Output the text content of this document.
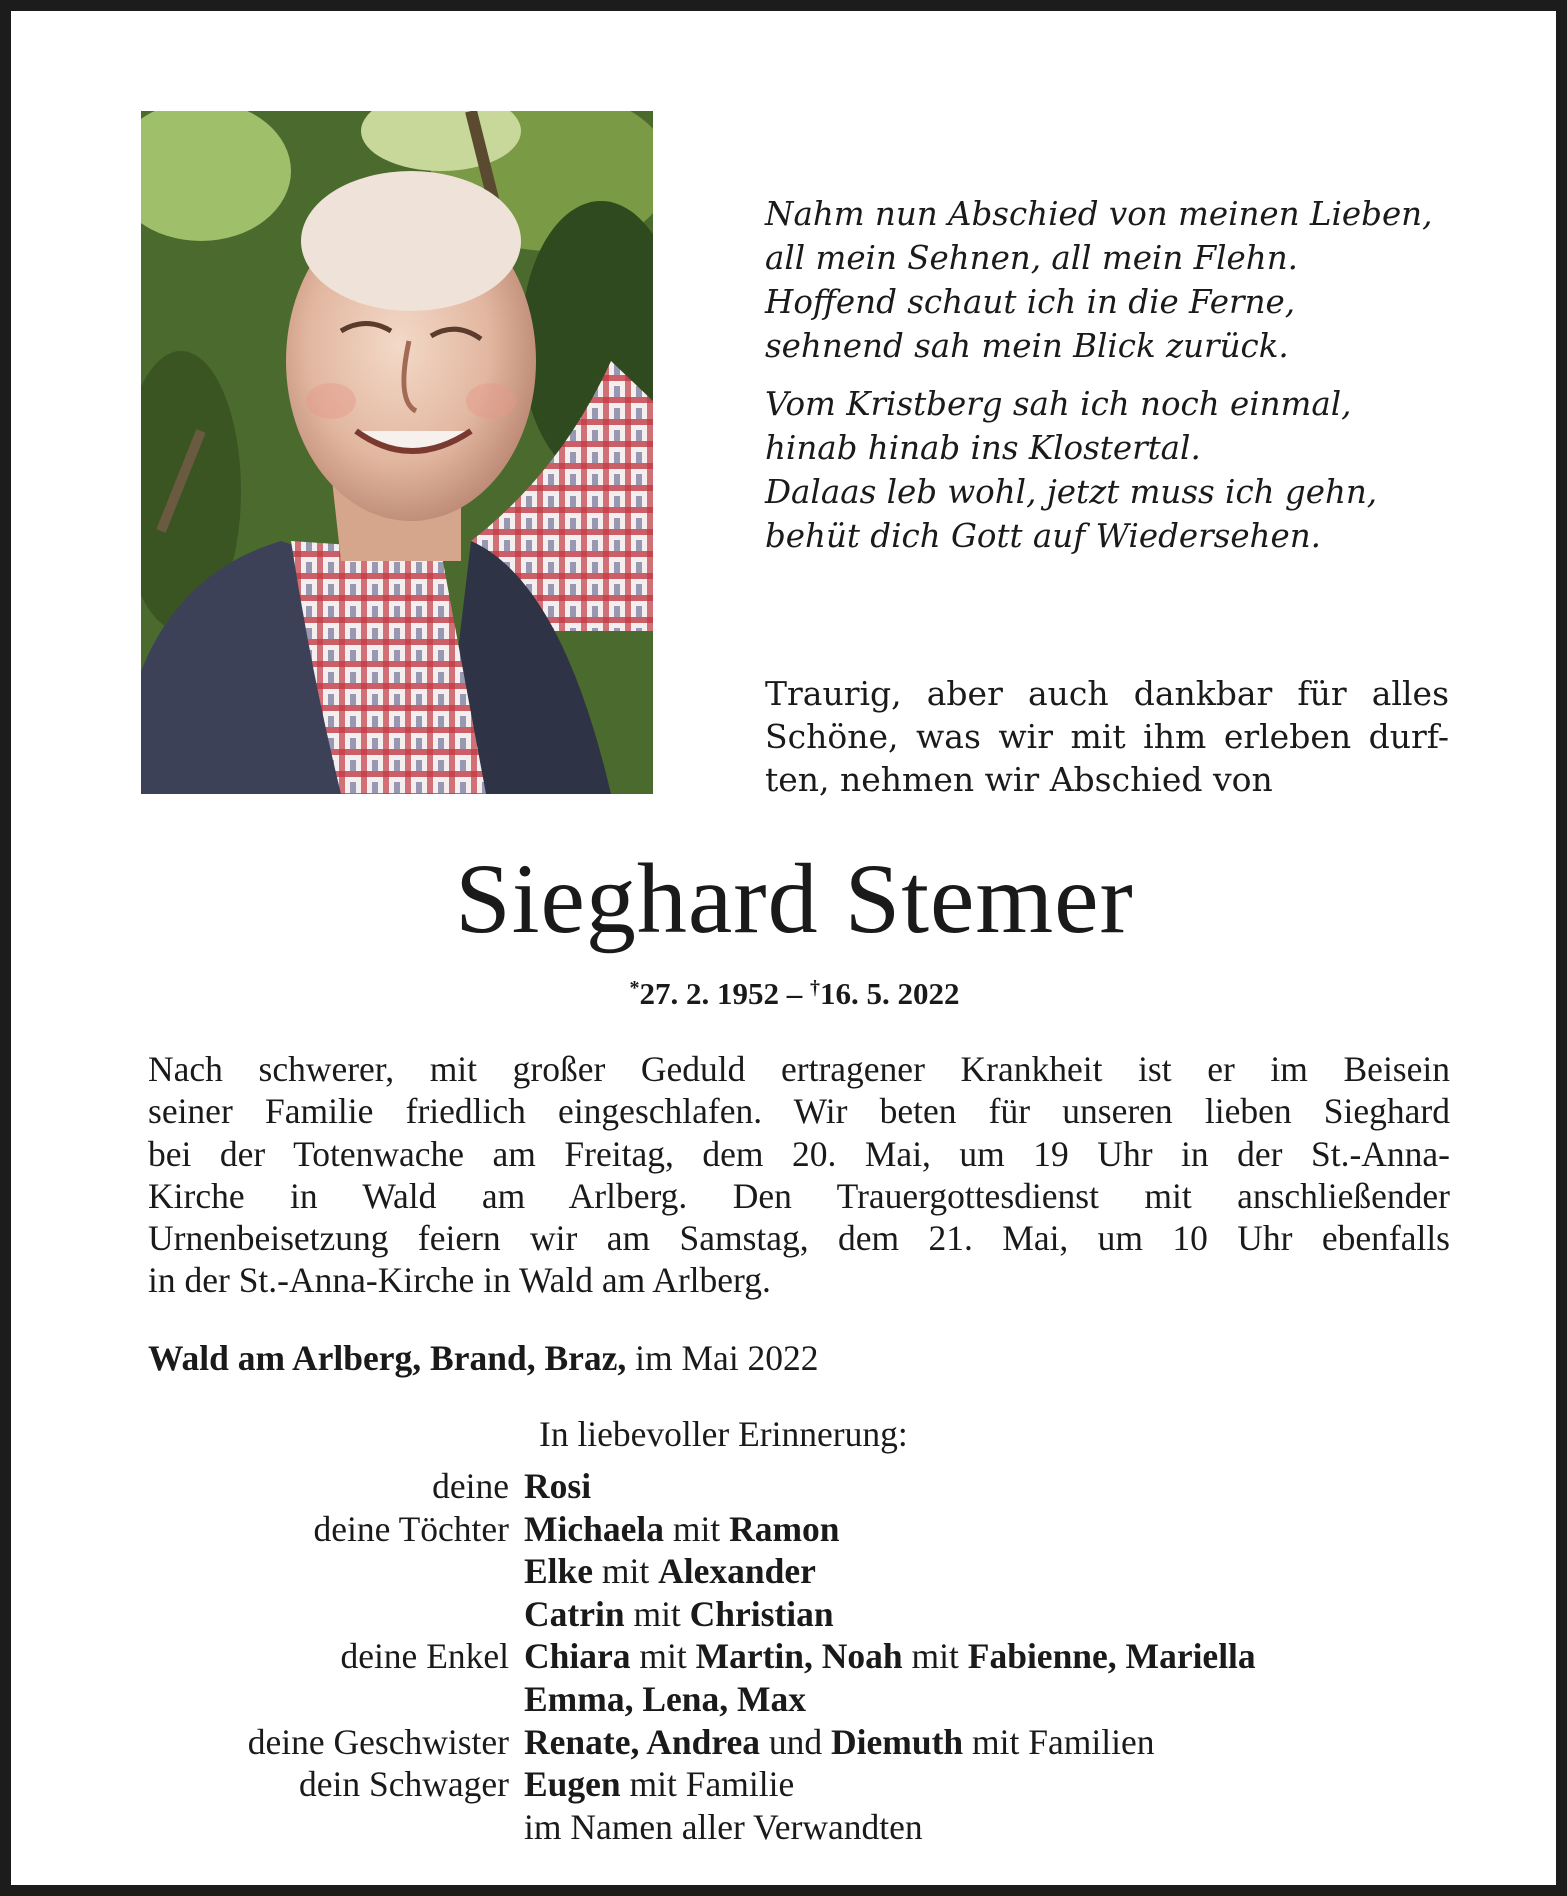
Nahm nun Abschied von meinen Lieben,
all mein Sehnen, all mein Flehn.
Hoffend schaut ich in die Ferne,
sehnend sah mein Blick zurück.
Vom Kristberg sah ich noch einmal,
hinab hinab ins Klostertal.
Dalaas leb wohl, jetzt muss ich gehn,
behüt dich Gott auf Wiedersehen.
Traurig, aber auch dankbar für alles
Schöne, was wir mit ihm erleben durf-
ten, nehmen wir Abschied von
Sieghard Stemer
*27. 2. 1952 – †16. 5. 2022
Nach schwerer, mit großer Geduld ertragener Krankheit ist er im Beisein
seiner Familie friedlich eingeschlafen. Wir beten für unseren lieben Sieghard
bei der Totenwache am Freitag, dem 20. Mai, um 19 Uhr in der St.-Anna-
Kirche in Wald am Arlberg. Den Trauergottesdienst mit anschließender
Urnenbeisetzung feiern wir am Samstag, dem 21. Mai, um 10 Uhr ebenfalls
in der St.-Anna-Kirche in Wald am Arlberg.
Wald am Arlberg, Brand, Braz, im Mai 2022
In liebevoller Erinnerung:
deine Rosi
deine Töchter Michaela mit Ramon
Elke mit Alexander
Catrin mit Christian
deine Enkel Chiara mit Martin, Noah mit Fabienne, Mariella
Emma, Lena, Max
deine Geschwister Renate, Andrea und Diemuth mit Familien
dein Schwager Eugen mit Familie
im Namen aller Verwandten
